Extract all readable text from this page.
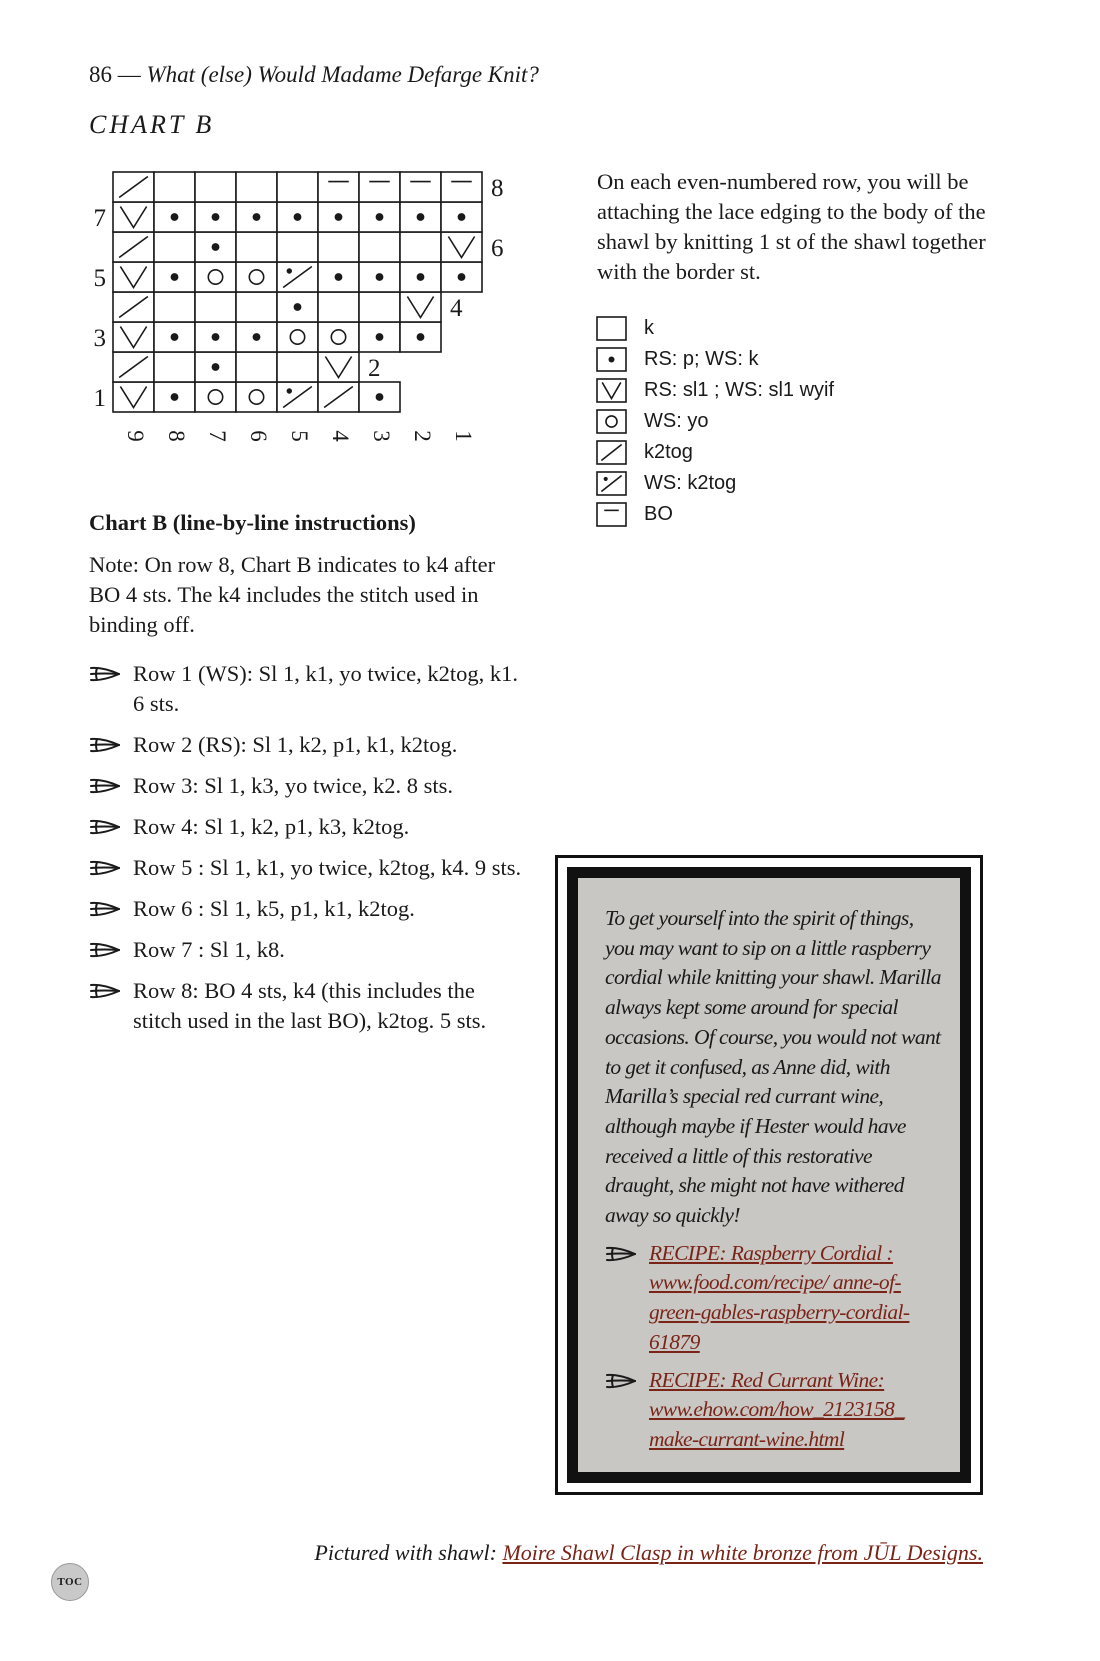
86 — What (else) Would Madame Defarge Knit?
CHART B
1
2
3
4
5
6
7
8
9 8 7 6 5 4 3 2 1
On each even-numbered row, you will be attaching the lace edging to the body of the shawl by knitting 1 st of the shawl together with the border st.
k
RS: p; WS: k
RS: sl1 ; WS: sl1 wyif
WS: yo
k2tog
WS: k2tog
BO
Chart B (line-by-line instructions)
Note: On row 8, Chart B indicates to k4 after BO 4 sts. The k4 includes the stitch used in binding off.
Row 1 (WS): Sl 1, k1, yo twice, k2tog, k1. 6 sts.
Row 2 (RS): Sl 1, k2, p1, k1, k2tog.
Row 3: Sl 1, k3, yo twice, k2. 8 sts.
Row 4: Sl 1, k2, p1, k3, k2tog.
Row 5 : Sl 1, k1, yo twice, k2tog, k4. 9 sts.
Row 6 : Sl 1, k5, p1, k1, k2tog.
Row 7 : Sl 1, k8.
Row 8: BO 4 sts, k4 (this includes the stitch used in the last BO), k2tog. 5 sts.
To get yourself into the spirit of things, you may want to sip on a little raspberry cordial while knitting your shawl. Marilla always kept some around for special occasions. Of course, you would not want to get it confused, as Anne did, with Marilla’s special red currant wine, although maybe if Hester would have received a little of this restorative draught, she might not have withered away so quickly!
RECIPE: Raspberry Cordial : www.food.com/recipe/ anne-of-green-gables-raspberry-cordial-61879
RECIPE: Red Currant Wine: www.ehow.com/how_2123158_ make-currant-wine.html
Pictured with shawl: Moire Shawl Clasp in white bronze from JŪL Designs.
TOC
